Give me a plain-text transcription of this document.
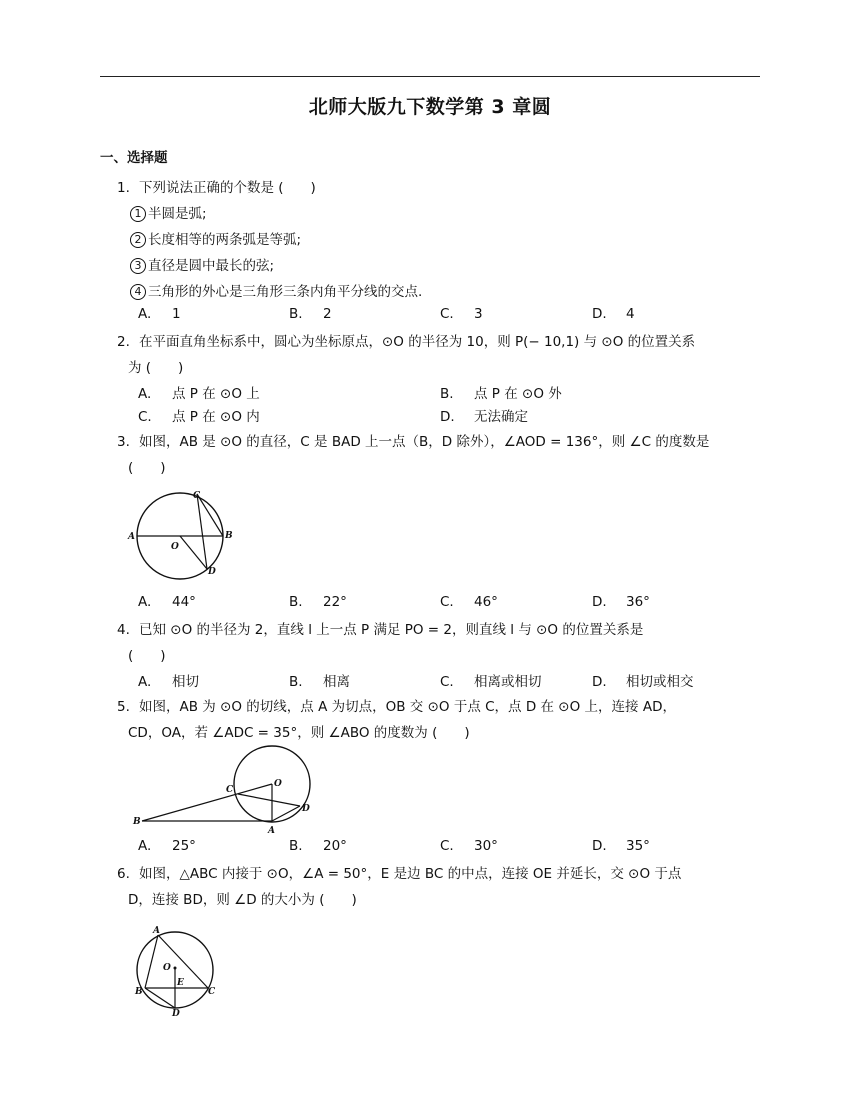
北师大版九下数学第 3 章圆
一、选择题
1. 下列说法正确的个数是 (　　)
1 半圆是弧;
2 长度相等的两条弧是等弧;
3 直径是圆中最长的弦;
4 三角形的外心是三角形三条内角平分线的交点.
A. 1	B. 2	C. 3	D. 4
2. 在平面直角坐标系中，圆心为坐标原点，⊙O 的半径为 10，则 P(− 10,1) 与 ⊙O 的位置关系
为 (　　)
A. 点 P 在 ⊙O 上	B. 点 P 在 ⊙O 外
C. 点 P 在 ⊙O 内	D. 无法确定
3. 如图，AB 是 ⊙O 的直径，C 是 BAD 上一点（B，D 除外），∠AOD = 136°，则 ∠C 的度数是
(　　)
A	B
C
D
O
A. 44°	B. 22°	C. 46°	D. 36°
4. 已知 ⊙O 的半径为 2，直线 l 上一点 P 满足 PO = 2，则直线 l 与 ⊙O 的位置关系是
(　　)
A. 相切	B. 相离	C. 相离或相切	D. 相切或相交
5. 如图，AB 为 ⊙O 的切线，点 A 为切点，OB 交 ⊙O 于点 C，点 D 在 ⊙O 上，连接 AD，
CD，OA，若 ∠ADC = 35°，则 ∠ABO 的度数为 (　　)
B
A
C
D
O
A. 25°	B. 20°	C. 30°	D. 35°
6. 如图，△ABC 内接于 ⊙O，∠A = 50°，E 是边 BC 的中点，连接 OE 并延长，交 ⊙O 于点
D，连接 BD，则 ∠D 的大小为 (　　)
A
B	C
D
E
O
